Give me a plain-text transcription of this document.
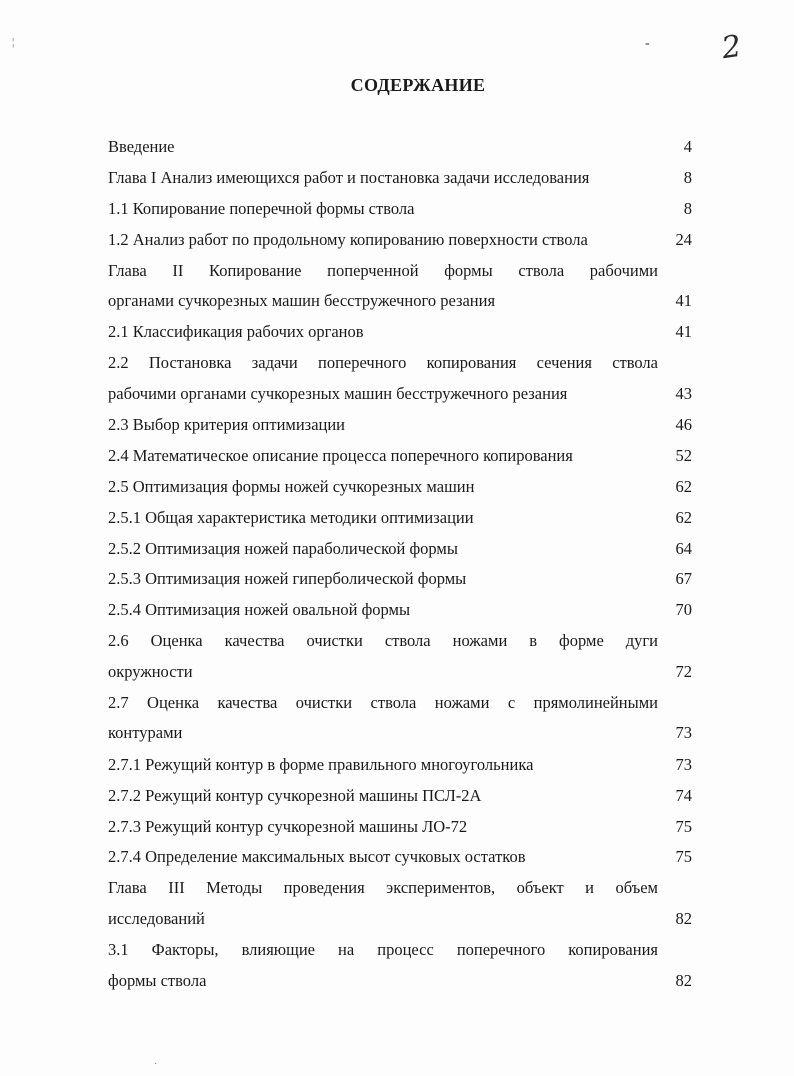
¦	- 2
˙
СОДЕРЖАНИЕ
Введение	4
Глава I Анализ имеющихся работ и постановка задачи исследования	8
1.1 Копирование поперечной формы ствола	8
1.2 Анализ работ по продольному копированию поверхности ствола	24
Глава II Копирование поперченной формы ствола рабочими
органами сучкорезных машин бесстружечного резания	41
2.1 Классификация рабочих органов	41
2.2 Постановка задачи поперечного копирования сечения ствола
рабочими органами сучкорезных машин бесстружечного резания	43
2.3 Выбор критерия оптимизации	46
2.4 Математическое описание процесса поперечного копирования	52
2.5 Оптимизация формы ножей сучкорезных машин	62
2.5.1 Общая характеристика методики оптимизации	62
2.5.2 Оптимизация ножей параболической формы	64
2.5.3 Оптимизация ножей гиперболической формы	67
2.5.4 Оптимизация ножей овальной формы	70
2.6 Оценка качества очистки ствола ножами в форме дуги
окружности	72
2.7 Оценка качества очистки ствола ножами с прямолинейными
контурами	73
2.7.1 Режущий контур в форме правильного многоугольника	73
2.7.2 Режущий контур сучкорезной машины ПСЛ-2А	74
2.7.3 Режущий контур сучкорезной машины ЛО-72	75
2.7.4 Определение максимальных высот сучковых остатков	75
Глава III Методы проведения экспериментов, объект и объем
исследований	82
3.1 Факторы, влияющие на процесс поперечного копирования
формы ствола	82
